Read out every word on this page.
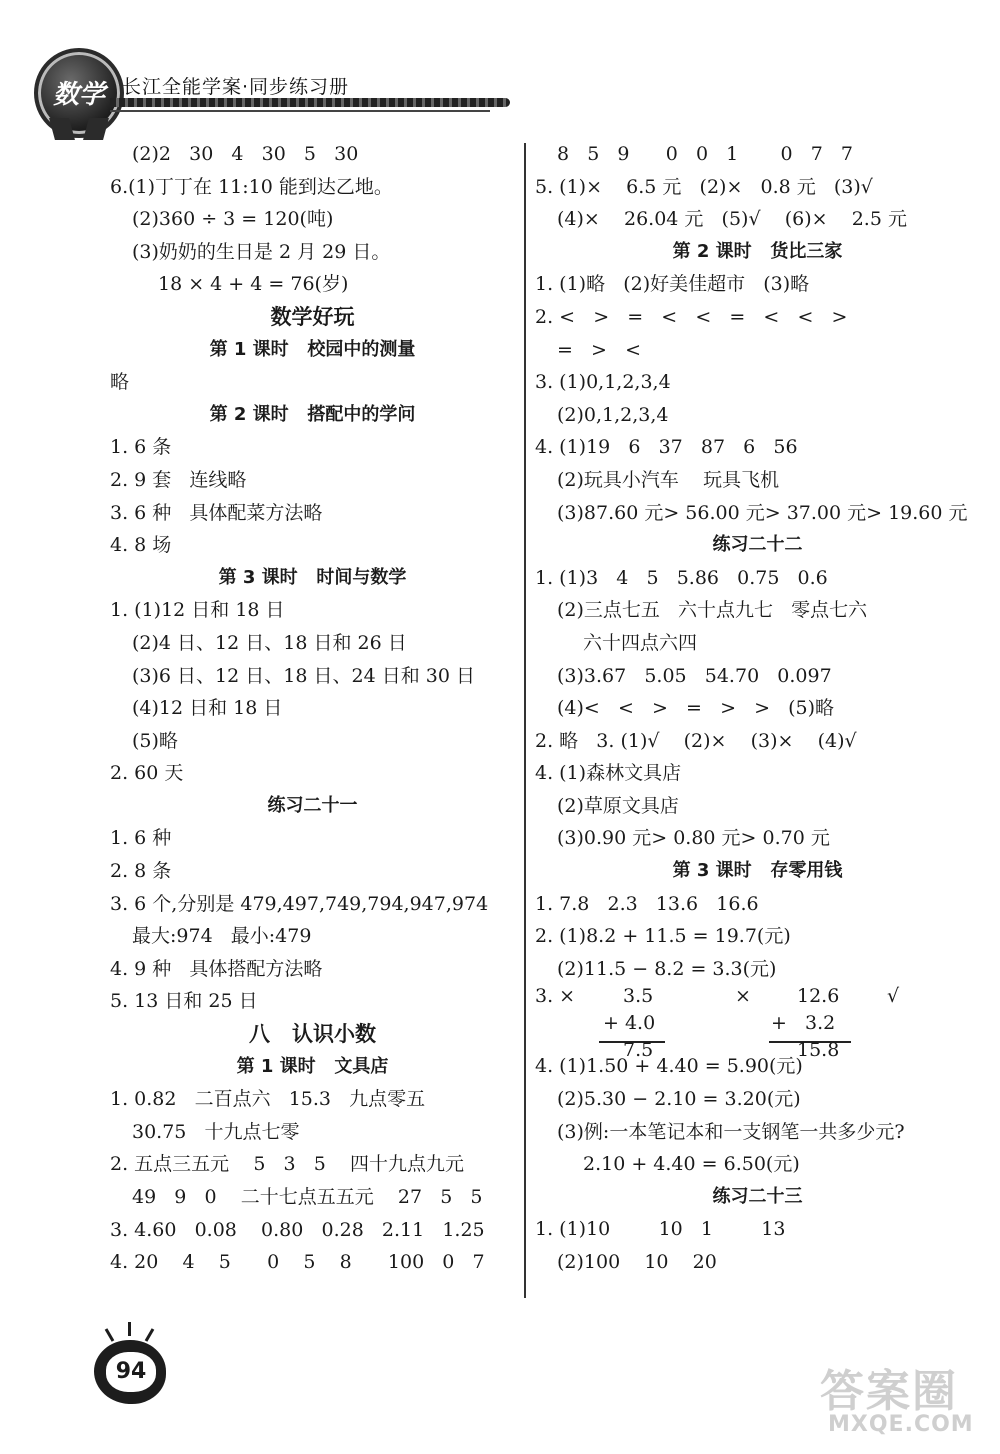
数学 长江全能学案·同步练习册
(2)2   30   4   30   5   30
6.(1)丁丁在 11:10 能到达乙地。
(2)360 ÷ 3 = 120(吨)
(3)奶奶的生日是 2 月 29 日。
18 × 4 + 4 = 76(岁)
数学好玩
第 1 课时   校园中的测量
略
第 2 课时   搭配中的学问
1. 6 条
2. 9 套   连线略
3. 6 种   具体配菜方法略
4. 8 场
第 3 课时   时间与数学
1. (1)12 日和 18 日
(2)4 日、12 日、18 日和 26 日
(3)6 日、12 日、18 日、24 日和 30 日
(4)12 日和 18 日
(5)略
2. 60 天
练习二十一
1. 6 种
2. 8 条
3. 6 个,分别是 479,497,749,794,947,974
最大:974   最小:479
4. 9 种   具体搭配方法略
5. 13 日和 25 日
八   认识小数
第 1 课时   文具店
1. 0.82   二百点六   15.3   九点零五
30.75   十九点七零
2. 五点三五元    5   3   5    四十九点九元
49   9   0    二十七点五五元    27   5   5
3. 4.60   0.08    0.80   0.28   2.11   1.25
4. 20    4    5      0    5    8      100   0   7
8   5   9      0   0   1       0   7   7
5. (1)×    6.5 元   (2)×   0.8 元   (3)√
(4)×    26.04 元   (5)√    (6)×    2.5 元
第 2 课时   货比三家
1. (1)略   (2)好美佳超市   (3)略
2. <   >   =   <   <   =   <   <   >
=   >   <
3. (1)0,1,2,3,4
(2)0,1,2,3,4
4. (1)19   6   37   87   6   56
(2)玩具小汽车    玩具飞机
(3)87.60 元> 56.00 元> 37.00 元> 19.60 元
练习二十二
1. (1)3   4   5   5.86   0.75   0.6
(2)三点七五   六十点九七   零点七六
六十四点六四
(3)3.67   5.05   54.70   0.097
(4)<   <   >   =   >   >   (5)略
2. 略   3. (1)√    (2)×    (3)×    (4)√
4. (1)森林文具店
(2)草原文具店
(3)0.90 元> 0.80 元> 0.70 元
第 3 课时   存零用钱
1. 7.8   2.3   13.6   16.6
2. (1)8.2 + 11.5 = 19.7(元)
(2)11.5 − 8.2 = 3.3(元)
3. ×	3.5
+ 4.0
7.5
× 12.6
+   3.2
15.8
√
4. (1)1.50 + 4.40 = 5.90(元)
(2)5.30 − 2.10 = 3.20(元)
(3)例:一本笔记本和一支钢笔一共多少元?
2.10 + 4.40 = 6.50(元)
练习二十三
1. (1)10        10   1        13
(2)100    10    20
94	答案圈
MXQE.COM
